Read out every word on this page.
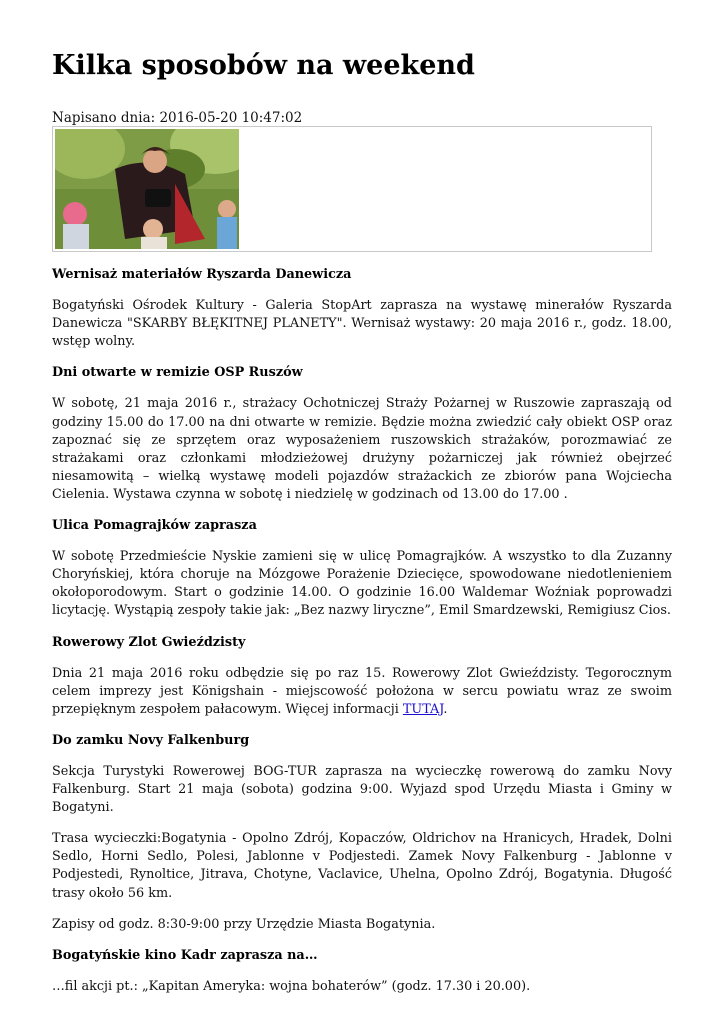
Kilka sposobów na weekend
Napisano dnia: 2016-05-20 10:47:02
Wernisaż materiałów Ryszarda Danewicza

Bogatyński Ośrodek Kultury - Galeria StopArt zaprasza na wystawę minerałów Ryszarda Danewicza "SKARBY BŁĘKITNEJ PLANETY". Wernisaż wystawy: 20 maja 2016 r., godz. 18.00, wstęp wolny.

Dni otwarte w remizie OSP Ruszów

W sobotę, 21 maja 2016 r., strażacy Ochotniczej Straży Pożarnej w Ruszowie zapraszają od godziny 15.00 do 17.00 na dni otwarte w remizie. Będzie można zwiedzić cały obiekt OSP oraz zapoznać się ze sprzętem oraz wyposażeniem ruszowskich strażaków, porozmawiać ze strażakami oraz członkami młodzieżowej drużyny pożarniczej jak również obejrzeć niesamowitą – wielką wystawę modeli pojazdów strażackich ze zbiorów pana Wojciecha Cielenia. Wystawa czynna w sobotę i niedzielę w godzinach od 13.00 do 17.00 .

Ulica Pomagrajków zaprasza

W sobotę Przedmieście Nyskie zamieni się w ulicę Pomagrajków. A wszystko to dla Zuzanny Choryńskiej, która choruje na Mózgowe Porażenie Dziecięce, spowodowane niedotlenieniem okołoporodowym. Start o godzinie 14.00. O godzinie 16.00 Waldemar Woźniak poprowadzi licytację. Wystąpią zespoły takie jak: „Bez nazwy liryczne”, Emil Smardzewski, Remigiusz Cios.

Rowerowy Zlot Gwieździsty

Dnia 21 maja 2016 roku odbędzie się po raz 15. Rowerowy Zlot Gwieździsty. Tegorocznym celem imprezy jest Königshain - miejscowość położona w sercu powiatu wraz ze swoim przepięknym zespołem pałacowym. Więcej informacji TUTAJ.

Do zamku Novy Falkenburg

Sekcja Turystyki Rowerowej BOG-TUR zaprasza na wycieczkę rowerową do zamku Novy Falkenburg. Start 21 maja (sobota) godzina 9:00. Wyjazd spod Urzędu Miasta i Gminy w Bogatyni.

Trasa wycieczki:Bogatynia - Opolno Zdrój, Kopaczów, Oldrichov na Hranicych, Hradek, Dolni Sedlo, Horni Sedlo, Polesi, Jablonne v Podjestedi. Zamek Novy Falkenburg - Jablonne v Podjestedi, Rynoltice, Jitrava, Chotyne, Vaclavice, Uhelna, Opolno Zdrój, Bogatynia. Długość trasy około 56 km.

Zapisy od godz. 8:30-9:00 przy Urzędzie Miasta Bogatynia.

Bogatyńskie kino Kadr zaprasza na…

…fil akcji pt.: „Kapitan Ameryka: wojna bohaterów” (godz. 17.30 i 20.00).
